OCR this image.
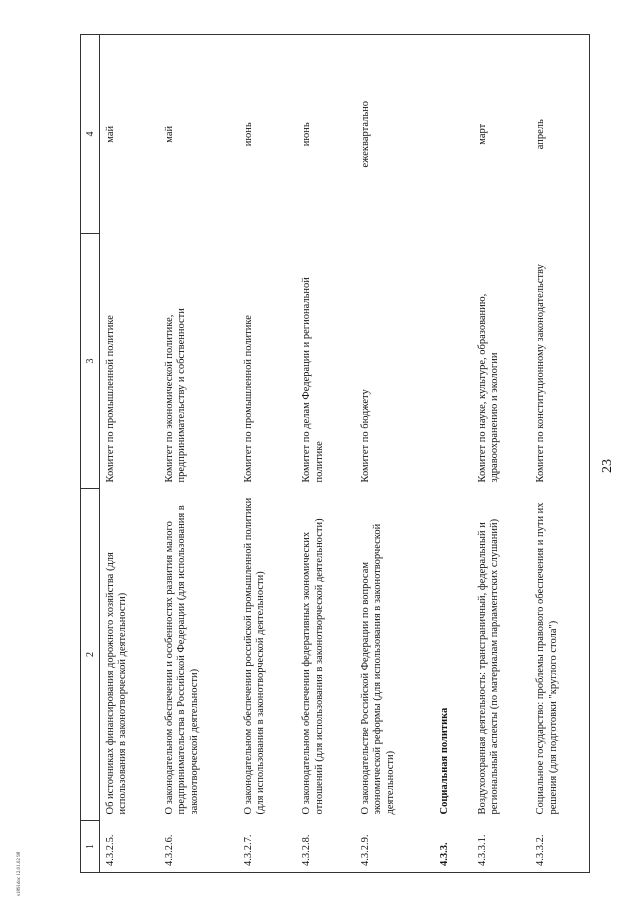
23
s1891doc 12.01.02 98
1	2	3	4
4.3.2.5.	Об источниках финансирования дорожного хозяйства (для использования в законотворческой деятельности)	Комитет по промышленной политике	май
4.3.2.6.	О законодательном обеспечении и особенностях развития малого предпринимательства в Российской Федерации (для использования в законотворческой деятельности)	Комитет по экономической политике, предпринимательству и собственности	май
4.3.2.7.	О законодательном обеспечении российской промышленной политики (для использования в законотворческой деятельности)	Комитет по промышленной политике	июнь
4.3.2.8.	О законодательном обеспечении федеративных экономических отношений (для использования в законотворческой деятельности)	Комитет по делам Федерации и региональной политике	июнь
4.3.2.9.	О законодательстве Российской Федерации по вопросам экономической реформы (для использования в законотворческой деятельности)	Комитет по бюджету	ежеквартально
4.3.3.	Социальная политика		
4.3.3.1.	Воздухоохранная деятельность: трансграничный, федеральный и региональный аспекты (по материалам парламентских слушаний)	Комитет по науке, культуре, образованию, здравоохранению и экологии	март
4.3.3.2.	Социальное государство: проблемы правового обеспечения и пути их решения (для подготовки "круглого стола")	Комитет по конституционному законодательству	апрель
